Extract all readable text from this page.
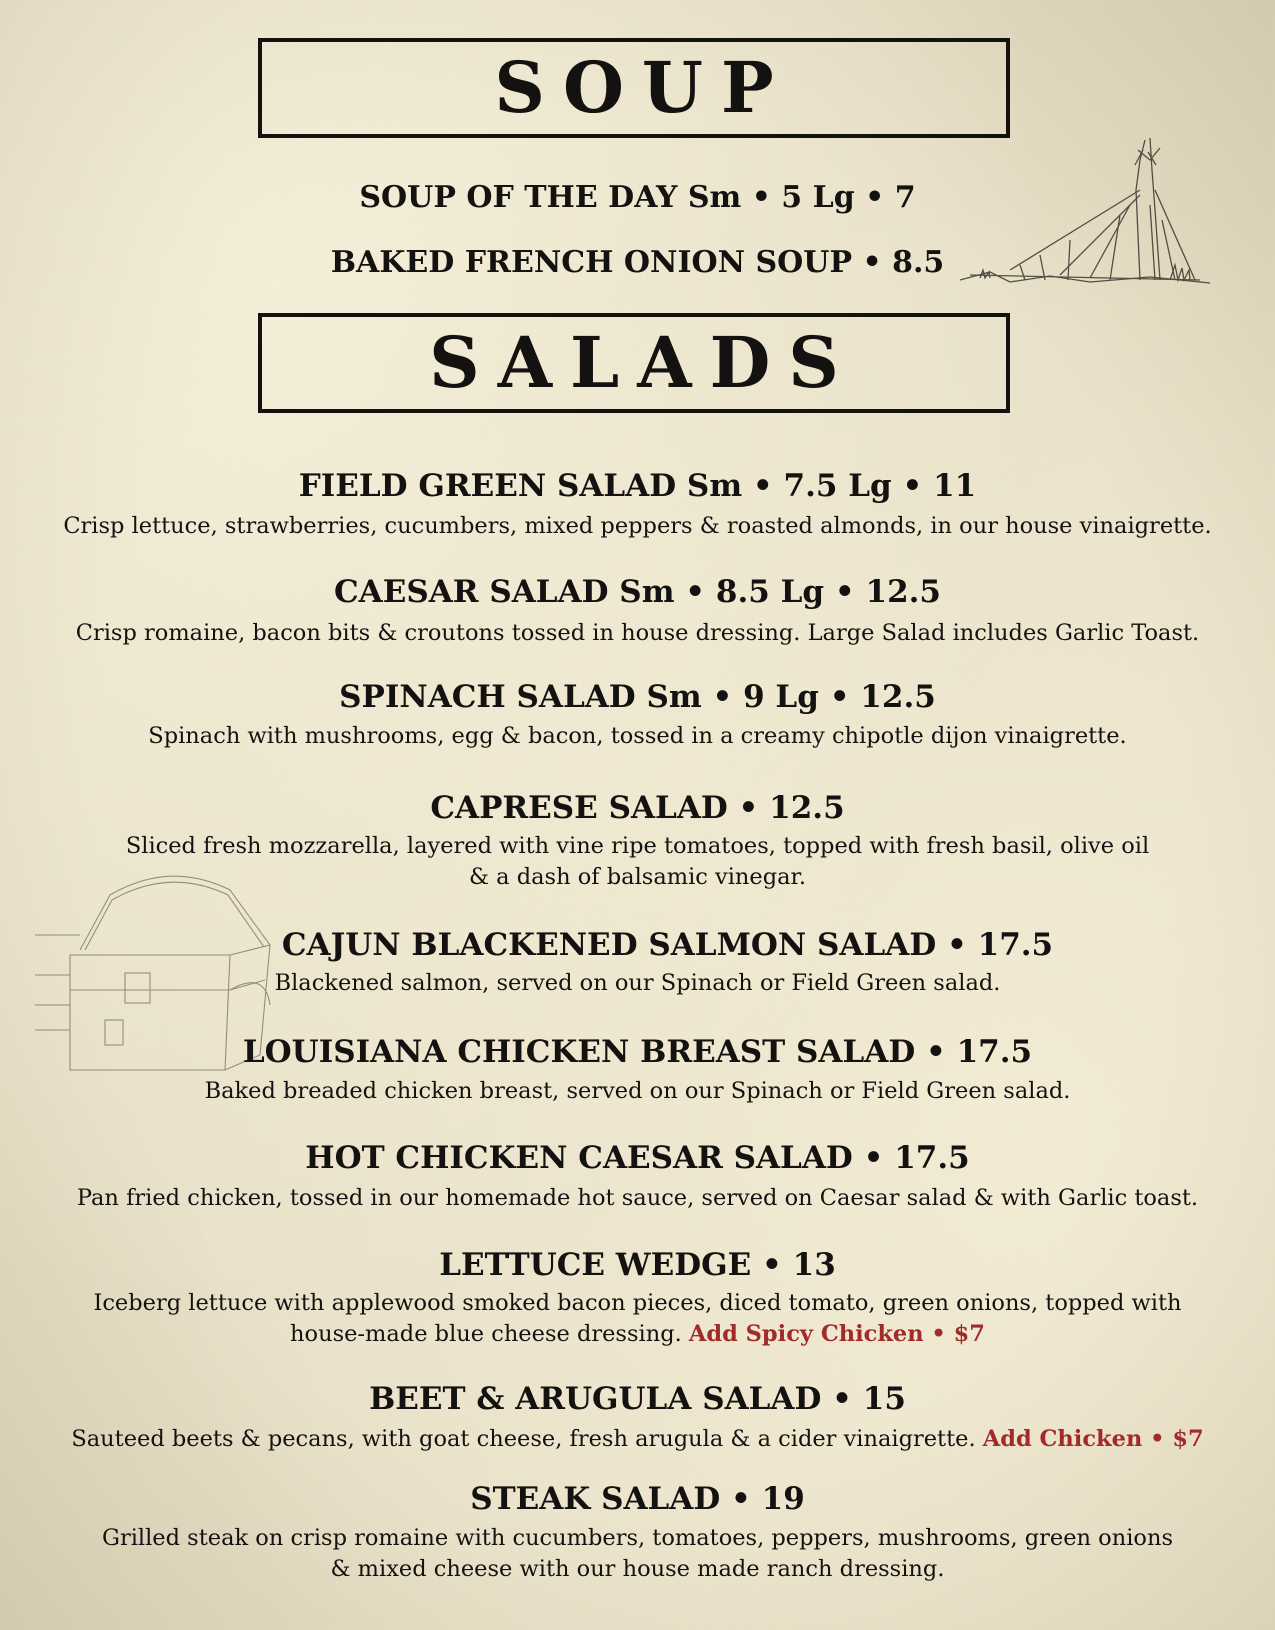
SOUP
SOUP OF THE DAY Sm • 5 Lg • 7
BAKED FRENCH ONION SOUP • 8.5
SALADS
FIELD GREEN SALAD Sm • 7.5 Lg • 11
Crisp lettuce, strawberries, cucumbers, mixed peppers & roasted almonds, in our house vinaigrette.
CAESAR SALAD Sm • 8.5 Lg • 12.5
Crisp romaine, bacon bits & croutons tossed in house dressing. Large Salad includes Garlic Toast.
SPINACH SALAD Sm • 9 Lg • 12.5
Spinach with mushrooms, egg & bacon, tossed in a creamy chipotle dijon vinaigrette.
CAPRESE SALAD • 12.5
Sliced fresh mozzarella, layered with vine ripe tomatoes, topped with fresh basil, olive oil
& a dash of balsamic vinegar.
CAJUN BLACKENED SALMON SALAD • 17.5
Blackened salmon, served on our Spinach or Field Green salad.
LOUISIANA CHICKEN BREAST SALAD • 17.5
Baked breaded chicken breast, served on our Spinach or Field Green salad.
HOT CHICKEN CAESAR SALAD • 17.5
Pan fried chicken, tossed in our homemade hot sauce, served on Caesar salad & with Garlic toast.
LETTUCE WEDGE • 13
Iceberg lettuce with applewood smoked bacon pieces, diced tomato, green onions, topped with
house-made blue cheese dressing. Add Spicy Chicken • $7
BEET & ARUGULA SALAD • 15
Sauteed beets & pecans, with goat cheese, fresh arugula & a cider vinaigrette. Add Chicken • $7
STEAK SALAD • 19
Grilled steak on crisp romaine with cucumbers, tomatoes, peppers, mushrooms, green onions
& mixed cheese with our house made ranch dressing.
